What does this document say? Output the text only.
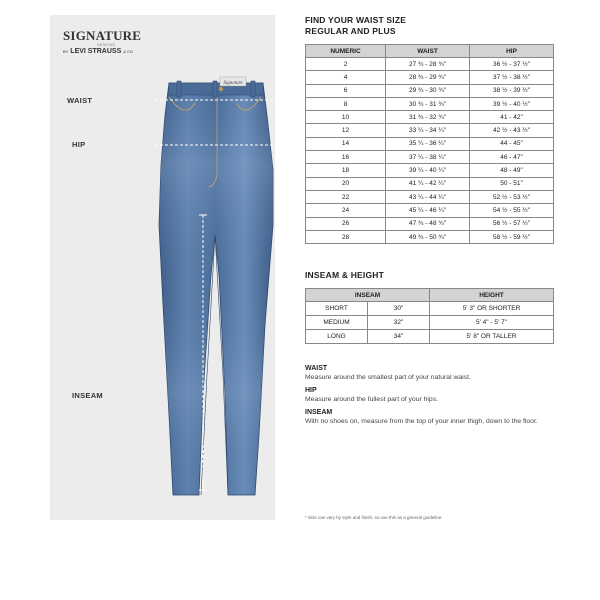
SIGNATURE
DESIGNS
BY LEVI STRAUSS & CO
WAIST
HIP
INSEAM
Signature
FIND YOUR WAIST SIZE
REGULAR AND PLUS
NUMERIC	WAIST	HIP
2	27 ¾ - 28 ¾"	36 ½ - 37 ½"
4	28 ¾ - 29 ¾"	37 ½ - 38 ½"
6	29 ¾ - 30 ¾"	38 ½ - 39 ½"
8	30 ¾ - 31 ¾"	39 ½ - 40 ½"
10	31 ¾ - 32 ¾"	41 - 42"
12	33 ¼ - 34 ¼"	42 ½ - 43 ½"
14	35 ¼ - 36 ¼"	44 - 45"
16	37 ¼ - 38 ¼"	46 - 47"
18	39 ¼ - 40 ¼"	48 - 49"
20	41 ¼ - 42 ¼"	50 - 51"
22	43 ¼ - 44 ¼"	52 ½ - 53 ½"
24	45 ¼ - 46 ¼"	54 ½ - 55 ½"
26	47 ¾ - 48 ¾"	56 ½ - 57 ½"
28	49 ¾ - 50 ¾"	58 ½ - 59 ½"
INSEAM & HEIGHT
INSEAM		HEIGHT
SHORT	30"	5' 3" OR SHORTER
MEDIUM	32"	5' 4" - 5' 7"
LONG	34"	5' 8" OR TALLER
WAIST
Measure around the smallest part of your natural waist.
HIP
Measure around the fullest part of your hips.
INSEAM
With no shoes on, measure from the top of your inner thigh, down to the floor.
* Size can vary by style and finish, so use this as a general guideline.
